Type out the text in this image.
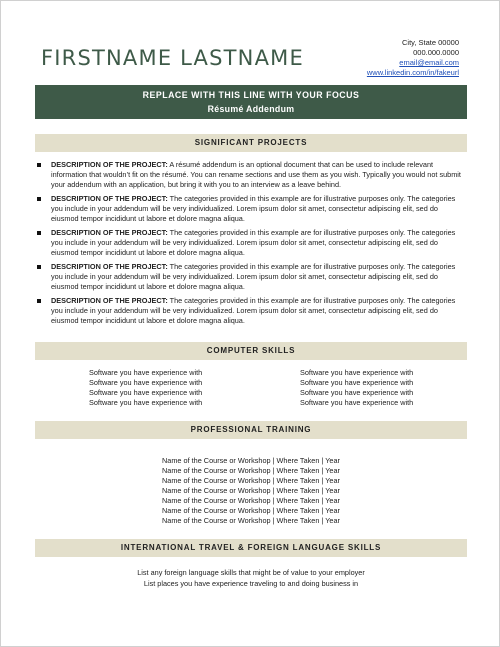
FIRSTNAME LASTNAME
City, State 00000
000.000.0000
email@email.com
www.linkedin.com/in/fakeurl
REPLACE WITH THIS LINE WITH YOUR FOCUS
Résumé Addendum
SIGNIFICANT PROJECTS
DESCRIPTION OF THE PROJECT: A résumé addendum is an optional document that can be used to include relevant information that wouldn’t fit on the résumé. You can rename sections and use them as you wish. Typically you would not submit your addendum with an application, but bring it with you to an interview as a leave behind.
DESCRIPTION OF THE PROJECT: The categories provided in this example are for illustrative purposes only. The categories you include in your addendum will be very individualized. Lorem ipsum dolor sit amet, consectetur adipiscing elit, sed do eiusmod tempor incididunt ut labore et dolore magna aliqua.
DESCRIPTION OF THE PROJECT: The categories provided in this example are for illustrative purposes only. The categories you include in your addendum will be very individualized. Lorem ipsum dolor sit amet, consectetur adipiscing elit, sed do eiusmod tempor incididunt ut labore et dolore magna aliqua.
DESCRIPTION OF THE PROJECT: The categories provided in this example are for illustrative purposes only. The categories you include in your addendum will be very individualized. Lorem ipsum dolor sit amet, consectetur adipiscing elit, sed do eiusmod tempor incididunt ut labore et dolore magna aliqua.
DESCRIPTION OF THE PROJECT: The categories provided in this example are for illustrative purposes only. The categories you include in your addendum will be very individualized. Lorem ipsum dolor sit amet, consectetur adipiscing elit, sed do eiusmod tempor incididunt ut labore et dolore magna aliqua.
COMPUTER SKILLS
Software you have experience with
Software you have experience with
Software you have experience with
Software you have experience with
Software you have experience with
Software you have experience with
Software you have experience with
Software you have experience with
PROFESSIONAL TRAINING
Name of the Course or Workshop | Where Taken | Year
Name of the Course or Workshop | Where Taken | Year
Name of the Course or Workshop | Where Taken | Year
Name of the Course or Workshop | Where Taken | Year
Name of the Course or Workshop | Where Taken | Year
Name of the Course or Workshop | Where Taken | Year
Name of the Course or Workshop | Where Taken | Year
INTERNATIONAL TRAVEL & FOREIGN LANGUAGE SKILLS
List any foreign language skills that might be of value to your employer
List places you have experience traveling to and doing business in
